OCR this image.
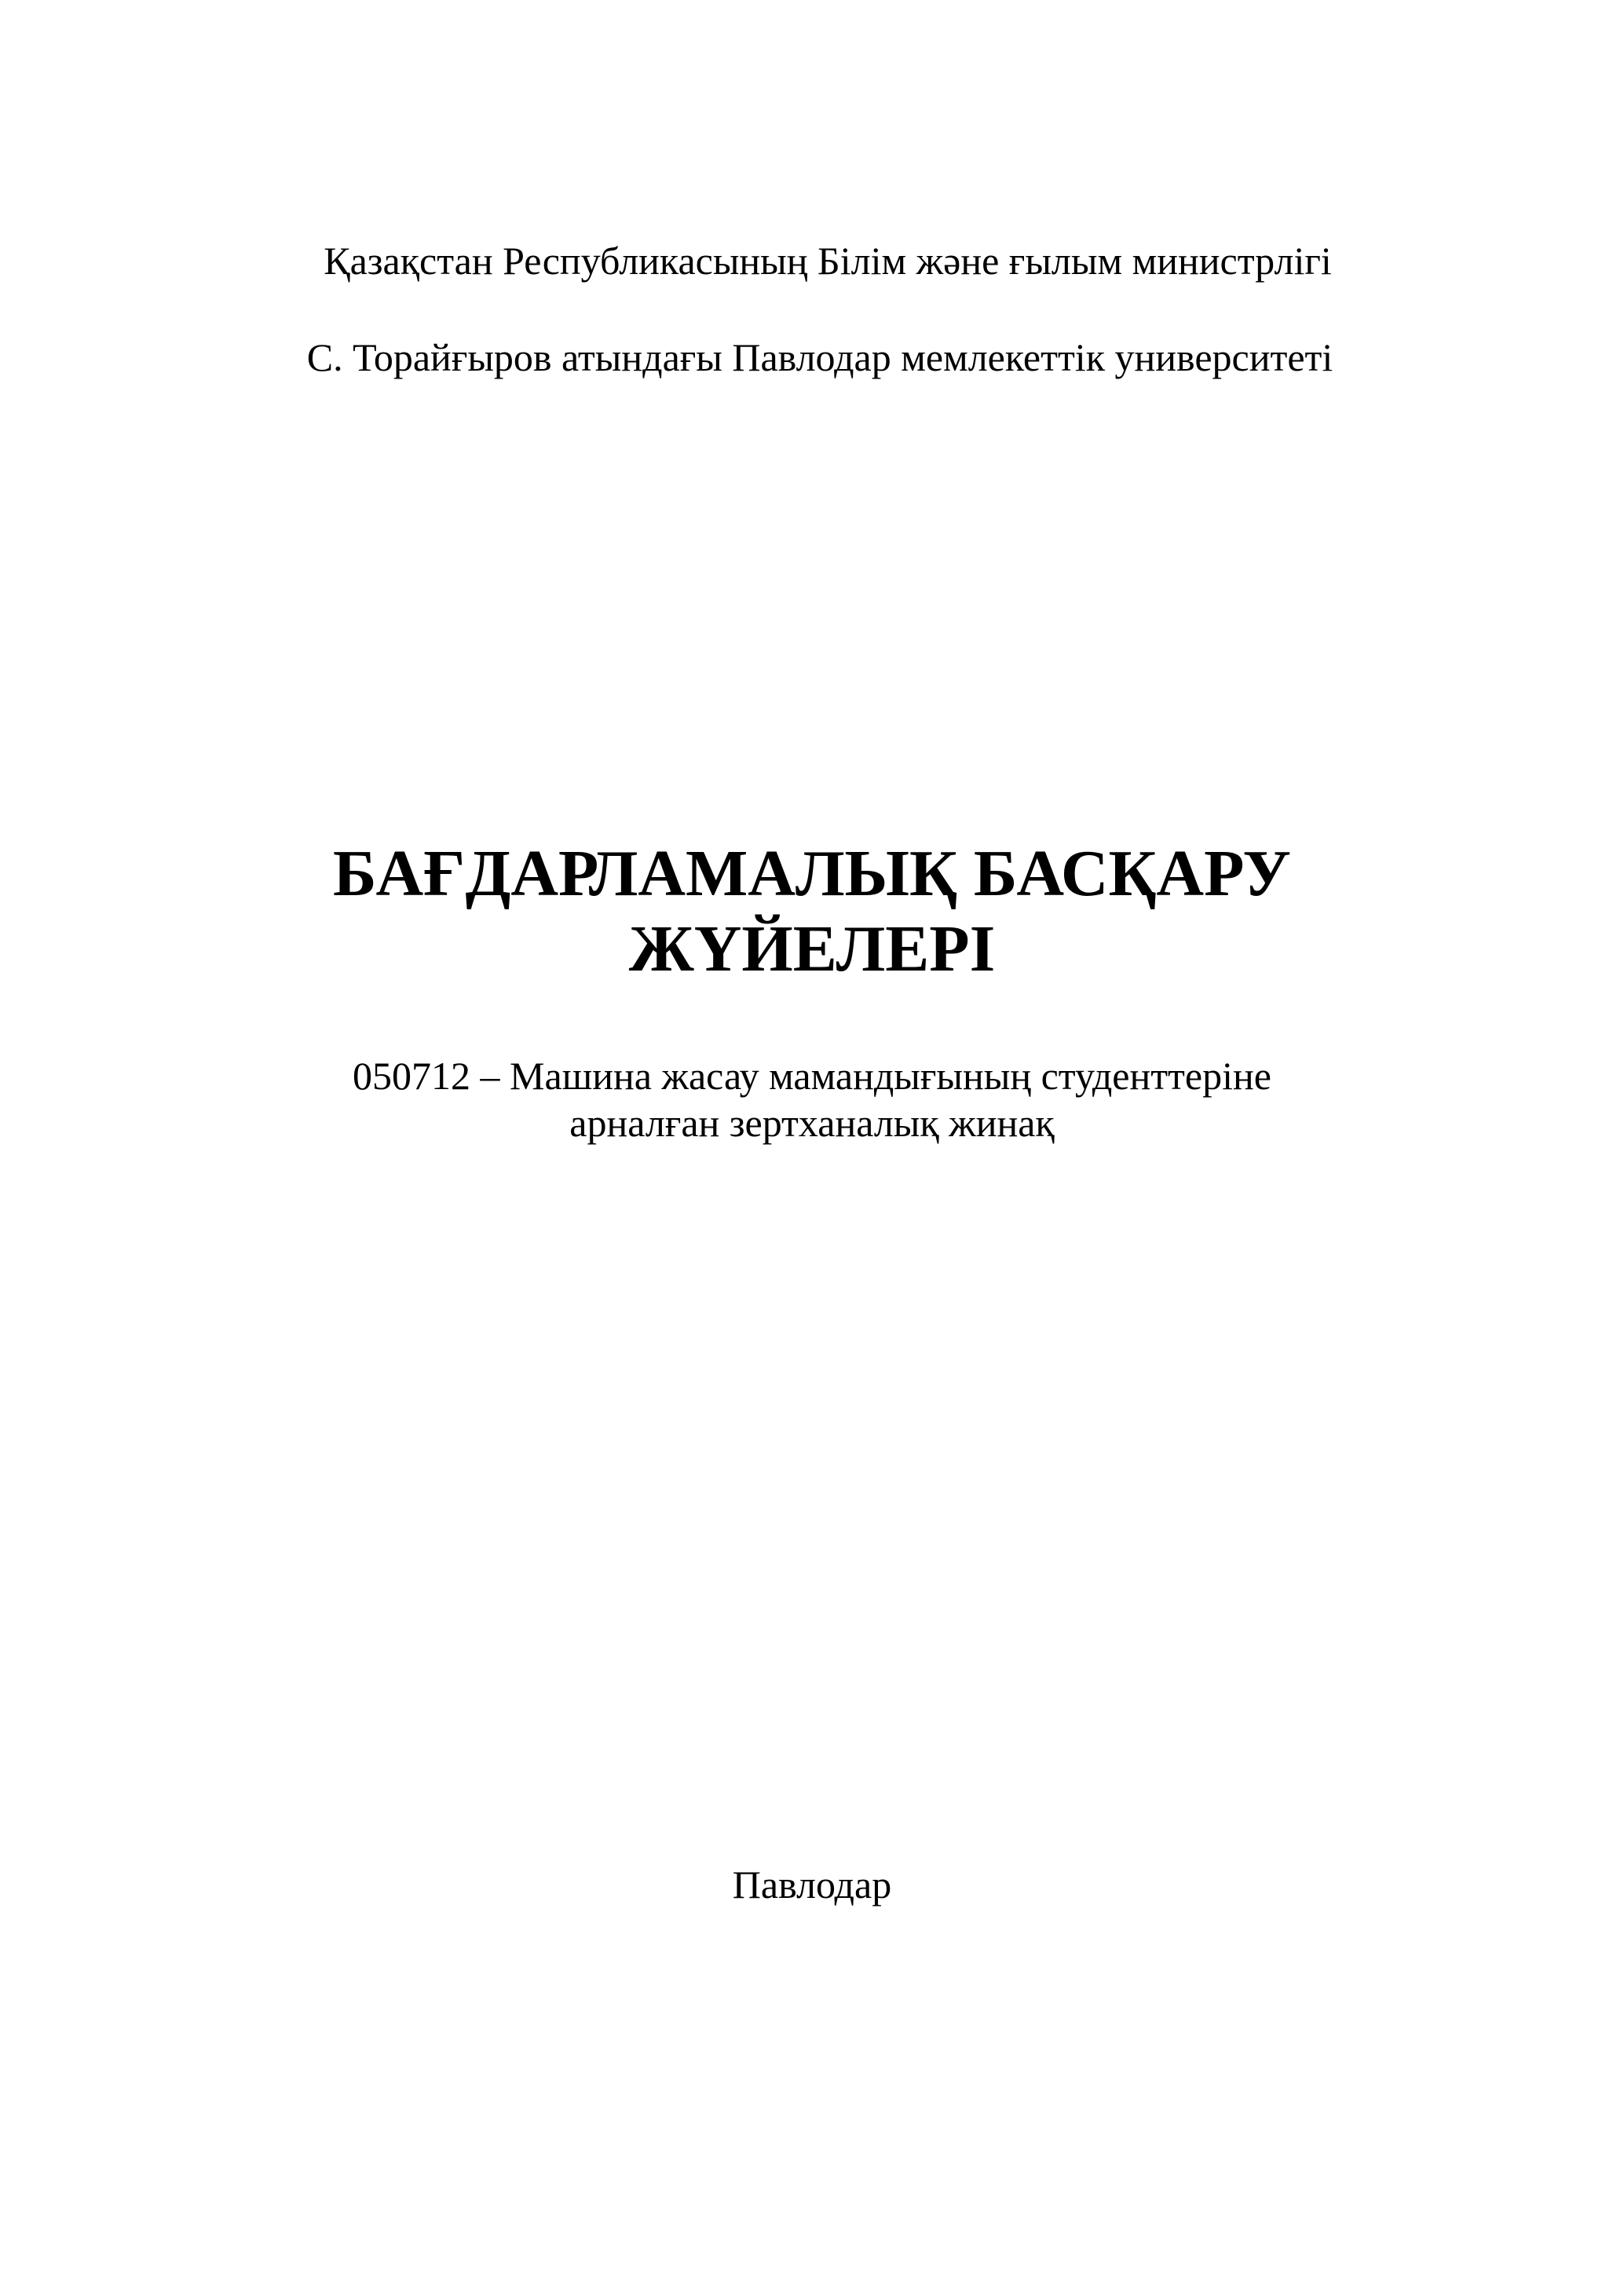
Қазақстан Республикасының Білім және ғылым министрлігі

С. Торайғыров атындағы Павлодар мемлекеттік университеті

БАҒДАРЛАМАЛЫҚ БАСҚАРУ
ЖҮЙЕЛЕРІ

050712 – Машина жасау мамандығының студенттеріне
арналған зертханалық жинақ

Павлодар
